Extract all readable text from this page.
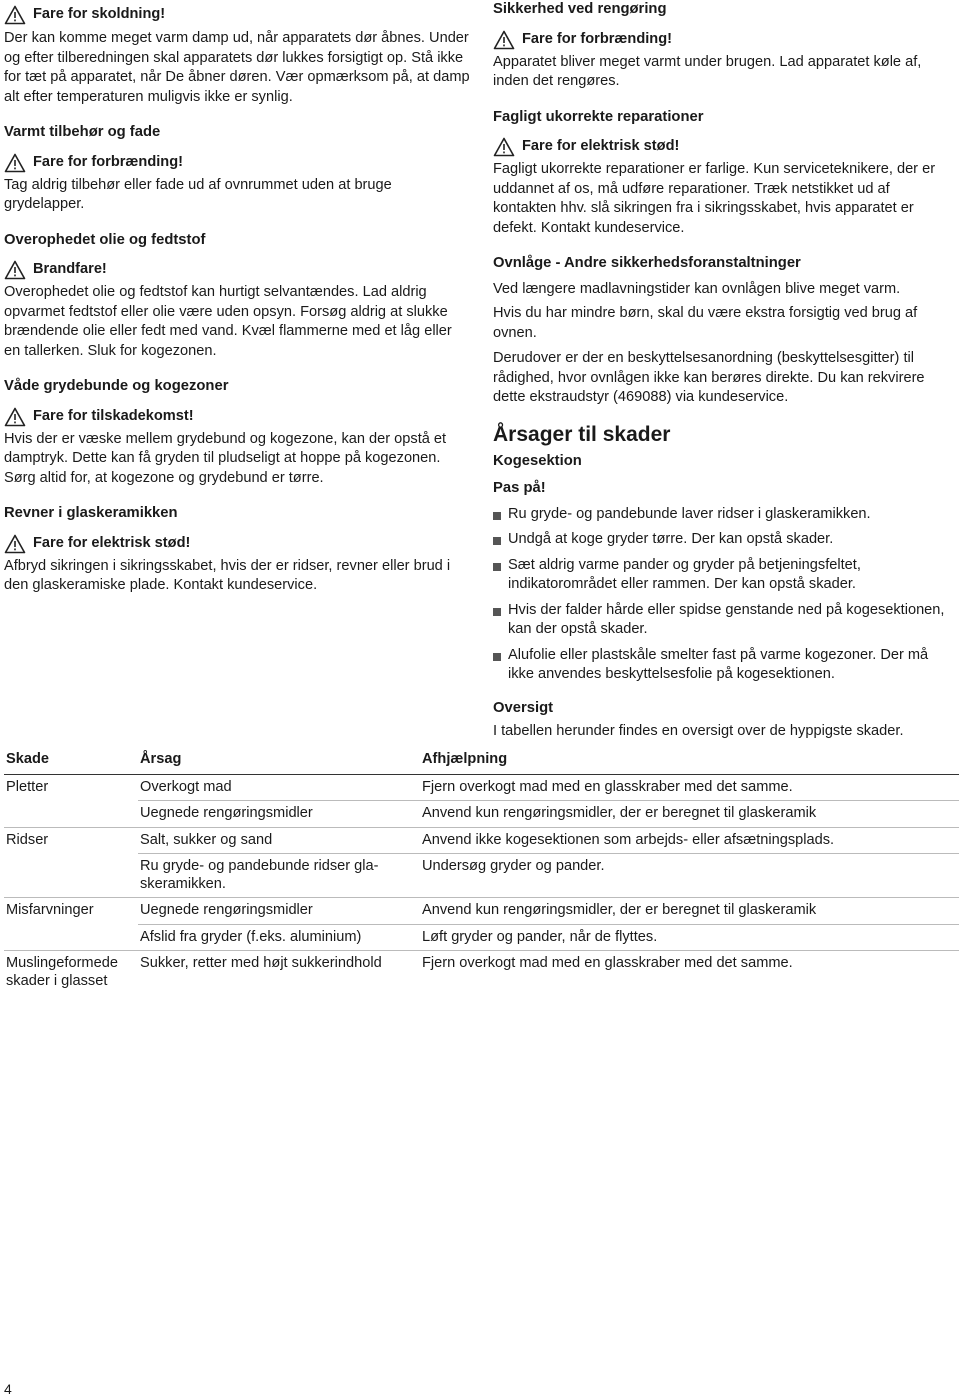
Fare for skoldning!

Der kan komme meget varm damp ud, når apparatets dør åbnes. Under og efter tilberedningen skal apparatets dør lukkes forsigtigt op. Stå ikke for tæt på apparatet, når De åbner døren. Vær opmærksom på, at damp alt efter temperaturen muligvis ikke er synlig.

Varmt tilbehør og fade
Fare for forbrænding!

Tag aldrig tilbehør eller fade ud af ovnrummet uden at bruge grydelapper.

Overophedet olie og fedtstof
Brandfare!

Overophedet olie og fedtstof kan hurtigt selvantændes. Lad aldrig opvarmet fedtstof eller olie være uden opsyn. Forsøg aldrig at slukke brændende olie eller fedt med vand. Kvæl flammerne med et låg eller en tallerken. Sluk for kogezonen.

Våde grydebunde og kogezoner
Fare for tilskadekomst!

Hvis der er væske mellem grydebund og kogezone, kan der opstå et damptryk. Dette kan få gryden til pludseligt at hoppe på kogezonen. Sørg altid for, at kogezone og grydebund er tørre.

Revner i glaskeramikken
Fare for elektrisk stød!

Afbryd sikringen i sikringsskabet, hvis der er ridser, revner eller brud i den glaskeramiske plade. Kontakt kundeservice.

Sikkerhed ved rengøring
Fare for forbrænding!

Apparatet bliver meget varmt under brugen. Lad apparatet køle af, inden det rengøres.

Fagligt ukorrekte reparationer
Fare for elektrisk stød!

Fagligt ukorrekte reparationer er farlige. Kun serviceteknikere, der er uddannet af os, må udføre reparationer. Træk netstikket ud af kontakten hhv. slå sikringen fra i sikringsskabet, hvis apparatet er defekt. Kontakt kundeservice.

Ovnlåge - Andre sikkerhedsforanstaltninger

Ved længere madlavningstider kan ovnlågen blive meget varm.

Hvis du har mindre børn, skal du være ekstra forsigtig ved brug af ovnen.

Derudover er der en beskyttelsesanordning (beskyttelsesgitter) til rådighed, hvor ovnlågen ikke kan berøres direkte. Du kan rekvirere dette ekstraudstyr (469088) via kundeservice.

Årsager til skader
Kogesektion
Pas på!
Ru gryde- og pandebunde laver ridser i glaskeramikken.
Undgå at koge gryder tørre. Der kan opstå skader.
Sæt aldrig varme pander og gryder på betjeningsfeltet, indikatorområdet eller rammen. Der kan opstå skader.
Hvis der falder hårde eller spidse genstande ned på kogesektionen, kan der opstå skader.
Alufolie eller plastskåle smelter fast på varme kogezoner. Der må ikke anvendes beskyttelsesfolie på kogesektionen.
Oversigt

I tabellen herunder findes en oversigt over de hyppigste skader.

Skade	Årsag	Afhjælpning
Pletter	Overkogt mad	Fjern overkogt mad med en glasskraber med det samme.
	Uegnede rengøringsmidler	Anvend kun rengøringsmidler, der er beregnet til glaskeramik
Ridser	Salt, sukker og sand	Anvend ikke kogesektionen som arbejds- eller afsætningsplads.
	Ru gryde- og pandebunde ridser gla-skeramikken.	Undersøg gryder og pander.
Misfarvninger	Uegnede rengøringsmidler	Anvend kun rengøringsmidler, der er beregnet til glaskeramik
	Afslid fra gryder (f.eks. aluminium)	Løft gryder og pander, når de flyttes.
Muslingeformede skader i glasset	Sukker, retter med højt sukkerindhold	Fjern overkogt mad med en glasskraber med det samme.
4
